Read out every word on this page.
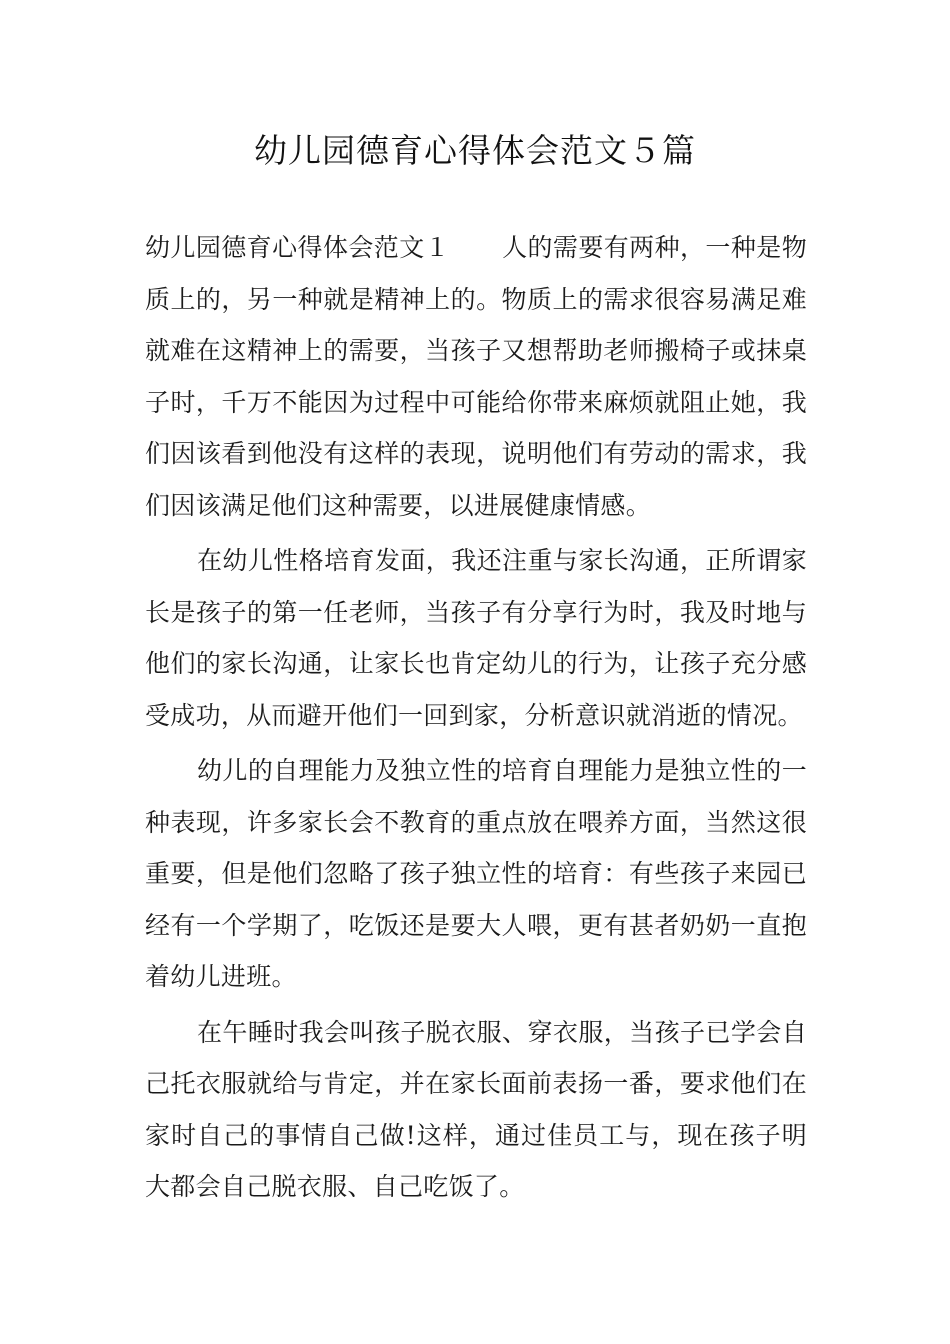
幼儿园德育心得体会范文５篇

幼儿园德育心得体会范文１ 人的需要有两种，一种是物质上的，另一种就是精神上的。物质上的需求很容易满足难就难在这精神上的需要，当孩子又想帮助老师搬椅子或抹桌子时，千万不能因为过程中可能给你带来麻烦就阻止她，我们因该看到他没有这样的表现，说明他们有劳动的需求，我们因该满足他们这种需要，以进展健康情感。

在幼儿性格培育发面，我还注重与家长沟通，正所谓家长是孩子的第一任老师，当孩子有分享行为时，我及时地与他们的家长沟通，让家长也肯定幼儿的行为，让孩子充分感受成功，从而避开他们一回到家，分析意识就消逝的情况。

幼儿的自理能力及独立性的培育自理能力是独立性的一种表现，许多家长会不教育的重点放在喂养方面，当然这很重要，但是他们忽略了孩子独立性的培育：有些孩子来园已经有一个学期了，吃饭还是要大人喂，更有甚者奶奶一直抱着幼儿进班。

在午睡时我会叫孩子脱衣服、穿衣服，当孩子已学会自己托衣服就给与肯定，并在家长面前表扬一番，要求他们在家时自己的事情自己做!这样，通过佳员工与，现在孩子明大都会自己脱衣服、自己吃饭了。
